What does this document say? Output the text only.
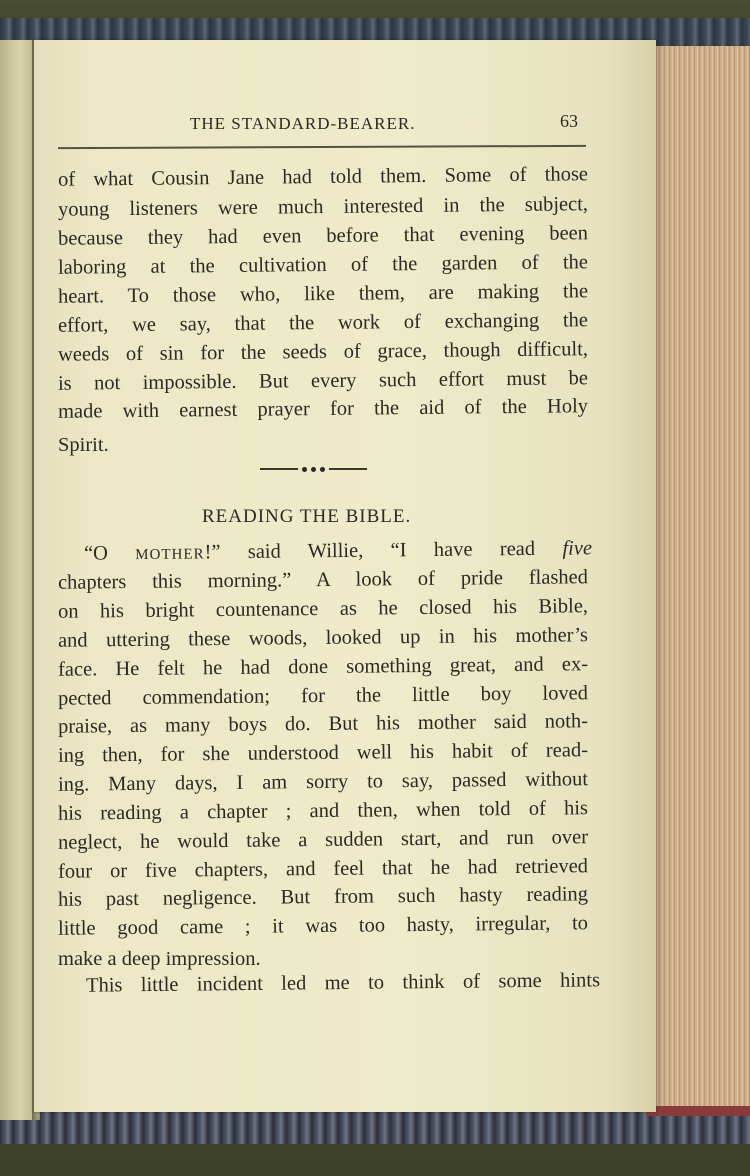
THE STANDARD-BEARER.	63
of what Cousin Jane had told them. Some of those
young listeners were much interested in the subject,
because they had even before that evening been
laboring at the cultivation of the garden of the
heart. To those who, like them, are making the
effort, we say, that the work of exchanging the
weeds of sin for the seeds of grace, though difficult,
is not impossible. But every such effort must be
made with earnest prayer for the aid of the Holy
Spirit.
READING THE BIBLE.
“O MOTHER!” said Willie, “I have read five
chapters this morning.” A look of pride flashed
on his bright countenance as he closed his Bible,
and uttering these woods, looked up in his mother’s
face. He felt he had done something great, and ex-
pected commendation; for the little boy loved
praise, as many boys do. But his mother said noth-
ing then, for she understood well his habit of read-
ing. Many days, I am sorry to say, passed without
his reading a chapter ; and then, when told of his
neglect, he would take a sudden start, and run over
four or five chapters, and feel that he had retrieved
his past negligence. But from such hasty reading
little good came ; it was too hasty, irregular, to
make a deep impression.
This little incident led me to think of some hints
